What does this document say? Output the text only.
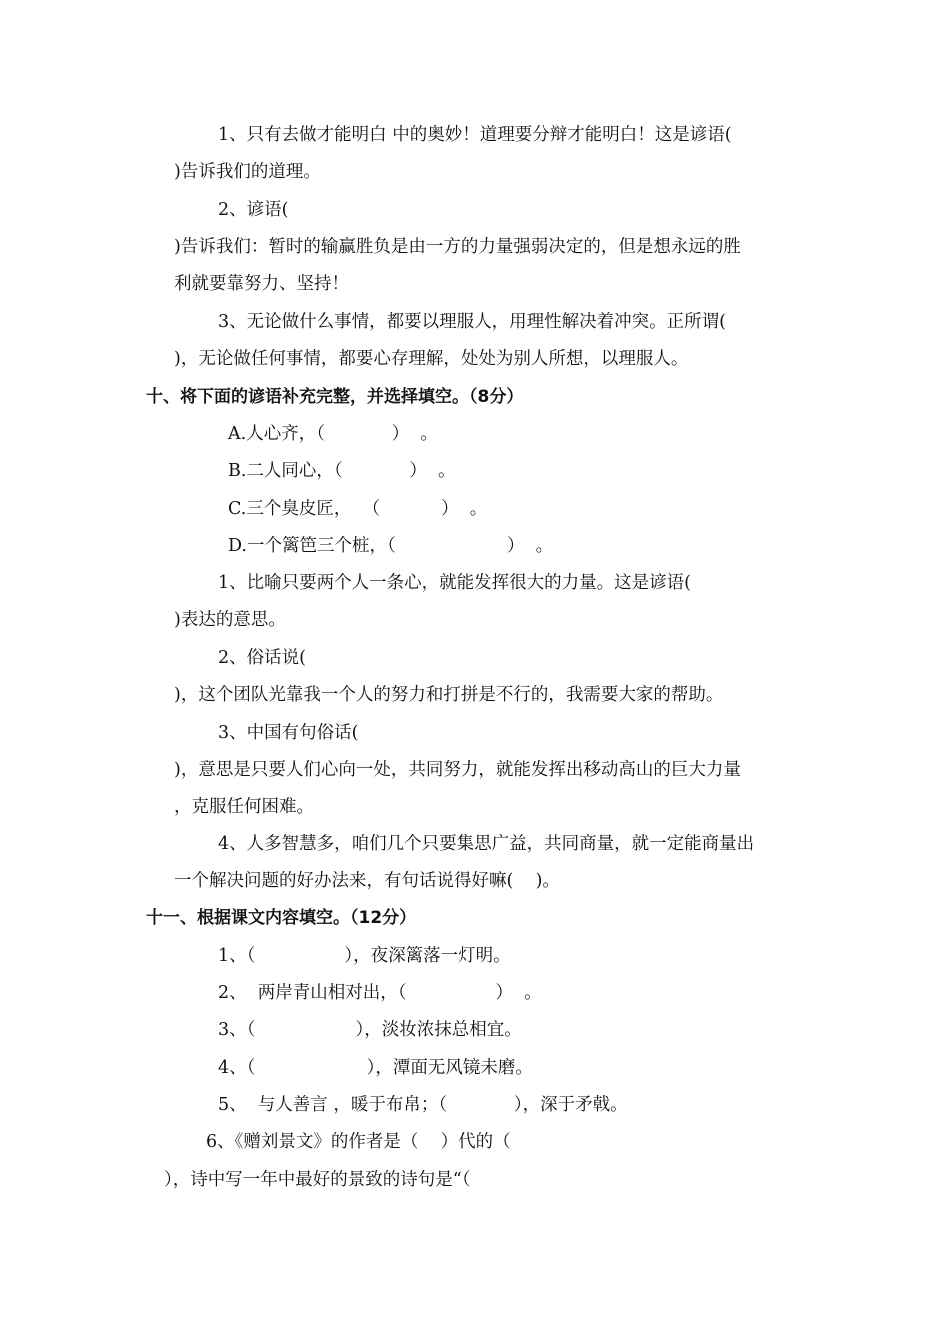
1、只有去做才能明白 中的奥妙！道理要分辩才能明白！这是谚语(
)告诉我们的道理。
2、谚语(
)告诉我们：暂时的输赢胜负是由一方的力量强弱决定的，但是想永远的胜
利就要靠努力、坚持！
3、无论做什么事情，都要以理服人，用理性解决着冲突。正所谓(
)，无论做任何事情，都要心存理解，处处为别人所想，以理服人。
十、将下面的谚语补充完整，并选择填空。（8分）
A.人心齐，（            ）  。
B.二人同心，（            ）  。
C.三个臭皮匠，  （           ）  。
D.一个篱笆三个桩，（                    ）  。
1、比喻只要两个人一条心，就能发挥很大的力量。这是谚语(
)表达的意思。
2、俗话说(
)，这个团队光靠我一个人的努力和打拼是不行的，我需要大家的帮助。
3、中国有句俗话(
)，意思是只要人们心向一处，共同努力，就能发挥出移动高山的巨大力量
，克服任何困难。
4、人多智慧多，咱们几个只要集思广益，共同商量，就一定能商量出
一个解决问题的好办法来，有句话说得好嘛(    )。
十一、根据课文内容填空。（12分）
1、（                ），夜深篱落一灯明。
2、  两岸青山相对出，（                ）  。
3、（                  ），淡妆浓抹总相宜。
4、（                    ），潭面无风镜未磨。
5、  与人善言 ，暖于布帛；（            ），深于矛戟。
6、《赠刘景文》的作者是（    ）代的（
），诗中写一年中最好的景致的诗句是“（
